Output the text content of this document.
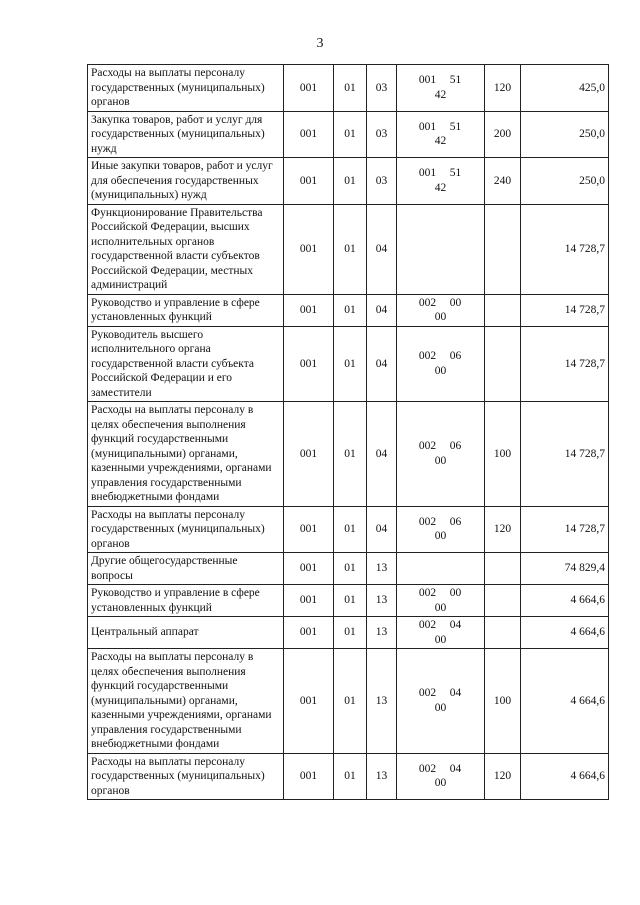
3
Расходы на выплаты персоналу государственных (муниципальных) органов	001	01	03	001 5142	120	425,0
Закупка товаров, работ и услуг для государственных (муниципальных) нужд	001	01	03	001 5142	200	250,0
Иные закупки товаров, работ и услуг для обеспечения государственных (муниципальных) нужд	001	01	03	001 5142	240	250,0
Функционирование Правительства Российской Федерации, высших исполнительных органов государственной власти субъектов Российской Федерации, местных администраций	001	01	04			14 728,7
Руководство и управление в сфере установленных функций	001	01	04	002 0000		14 728,7
Руководитель высшего исполнительного органа государственной власти субъекта Российской Федерации и его заместители	001	01	04	002 0600		14 728,7
Расходы на выплаты персоналу в целях обеспечения выполнения функций государственными (муниципальными) органами, казенными учреждениями, органами управления государственными внебюджетными фондами	001	01	04	002 0600	100	14 728,7
Расходы на выплаты персоналу государственных (муниципальных) органов	001	01	04	002 0600	120	14 728,7
Другие общегосударственные вопросы	001	01	13			74 829,4
Руководство и управление в сфере установленных функций	001	01	13	002 0000		4 664,6
Центральный аппарат	001	01	13	002 0400		4 664,6
Расходы на выплаты персоналу в целях обеспечения выполнения функций государственными (муниципальными) органами, казенными учреждениями, органами управления государственными внебюджетными фондами	001	01	13	002 0400	100	4 664,6
Расходы на выплаты персоналу государственных (муниципальных) органов	001	01	13	002 0400	120	4 664,6
